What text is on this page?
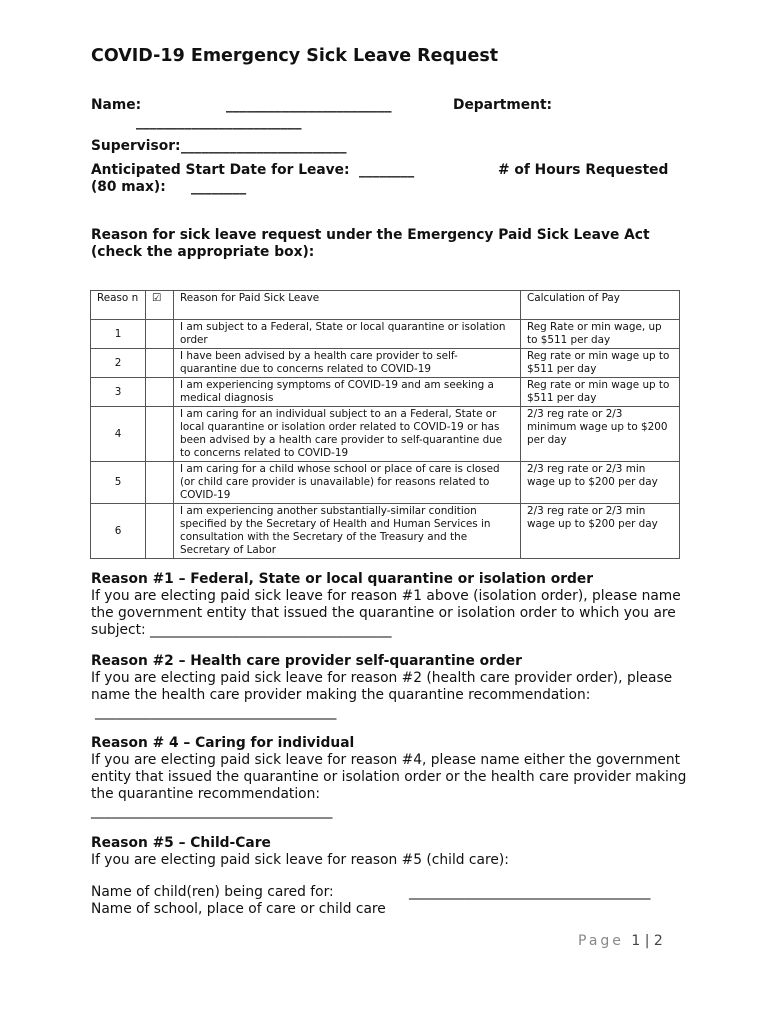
COVID-19 Emergency Sick Leave Request
Name:	________________________	Department:
________________________
Supervisor: ________________________
Anticipated Start Date for Leave: ________	# of Hours Requested
(80 max): ________
Reason for sick leave request under the Emergency Paid Sick Leave Act (check the appropriate box):
Reaso n	☑	Reason for Paid Sick Leave	Calculation of Pay
1		I am subject to a Federal, State or local quarantine or isolation order	Reg Rate or min wage, up to $511 per day
2		I have been advised by a health care provider to self-quarantine due to concerns related to COVID-19	Reg rate or min wage up to $511 per day
3		I am experiencing symptoms of COVID-19 and am seeking a medical diagnosis	Reg rate or min wage up to $511 per day
4		I am caring for an individual subject to an a Federal, State or local quarantine or isolation order related to COVID-19 or has been advised by a health care provider to self-quarantine due to concerns related to COVID-19	2/3 reg rate or 2/3 minimum wage up to $200 per day
5		I am caring for a child whose school or place of care is closed (or child care provider is unavailable) for reasons related to COVID-19	2/3 reg rate or 2/3 min wage up to $200 per day
6		I am experiencing another substantially-similar condition specified by the Secretary of Health and Human Services in consultation with the Secretary of the Treasury and the Secretary of Labor	2/3 reg rate or 2/3 min wage up to $200 per day
Reason #1 – Federal, State or local quarantine or isolation order
If you are electing paid sick leave for reason #1 above (isolation order), please name the government entity that issued the quarantine or isolation order to which you are subject: ___________________________________
Reason #2 – Health care provider self-quarantine order
If you are electing paid sick leave for reason #2 (health care provider order), please name the health care provider making the quarantine recommendation:
___________________________________
Reason # 4 – Caring for individual
If you are electing paid sick leave for reason #4, please name either the government entity that issued the quarantine or isolation order or the health care provider making the quarantine recommendation:
___________________________________
Reason #5 – Child-Care
If you are electing paid sick leave for reason #5 (child care):
Name of child(ren) being cared for:	___________________________________
Name of school, place of care or child care
Page 1 | 2
